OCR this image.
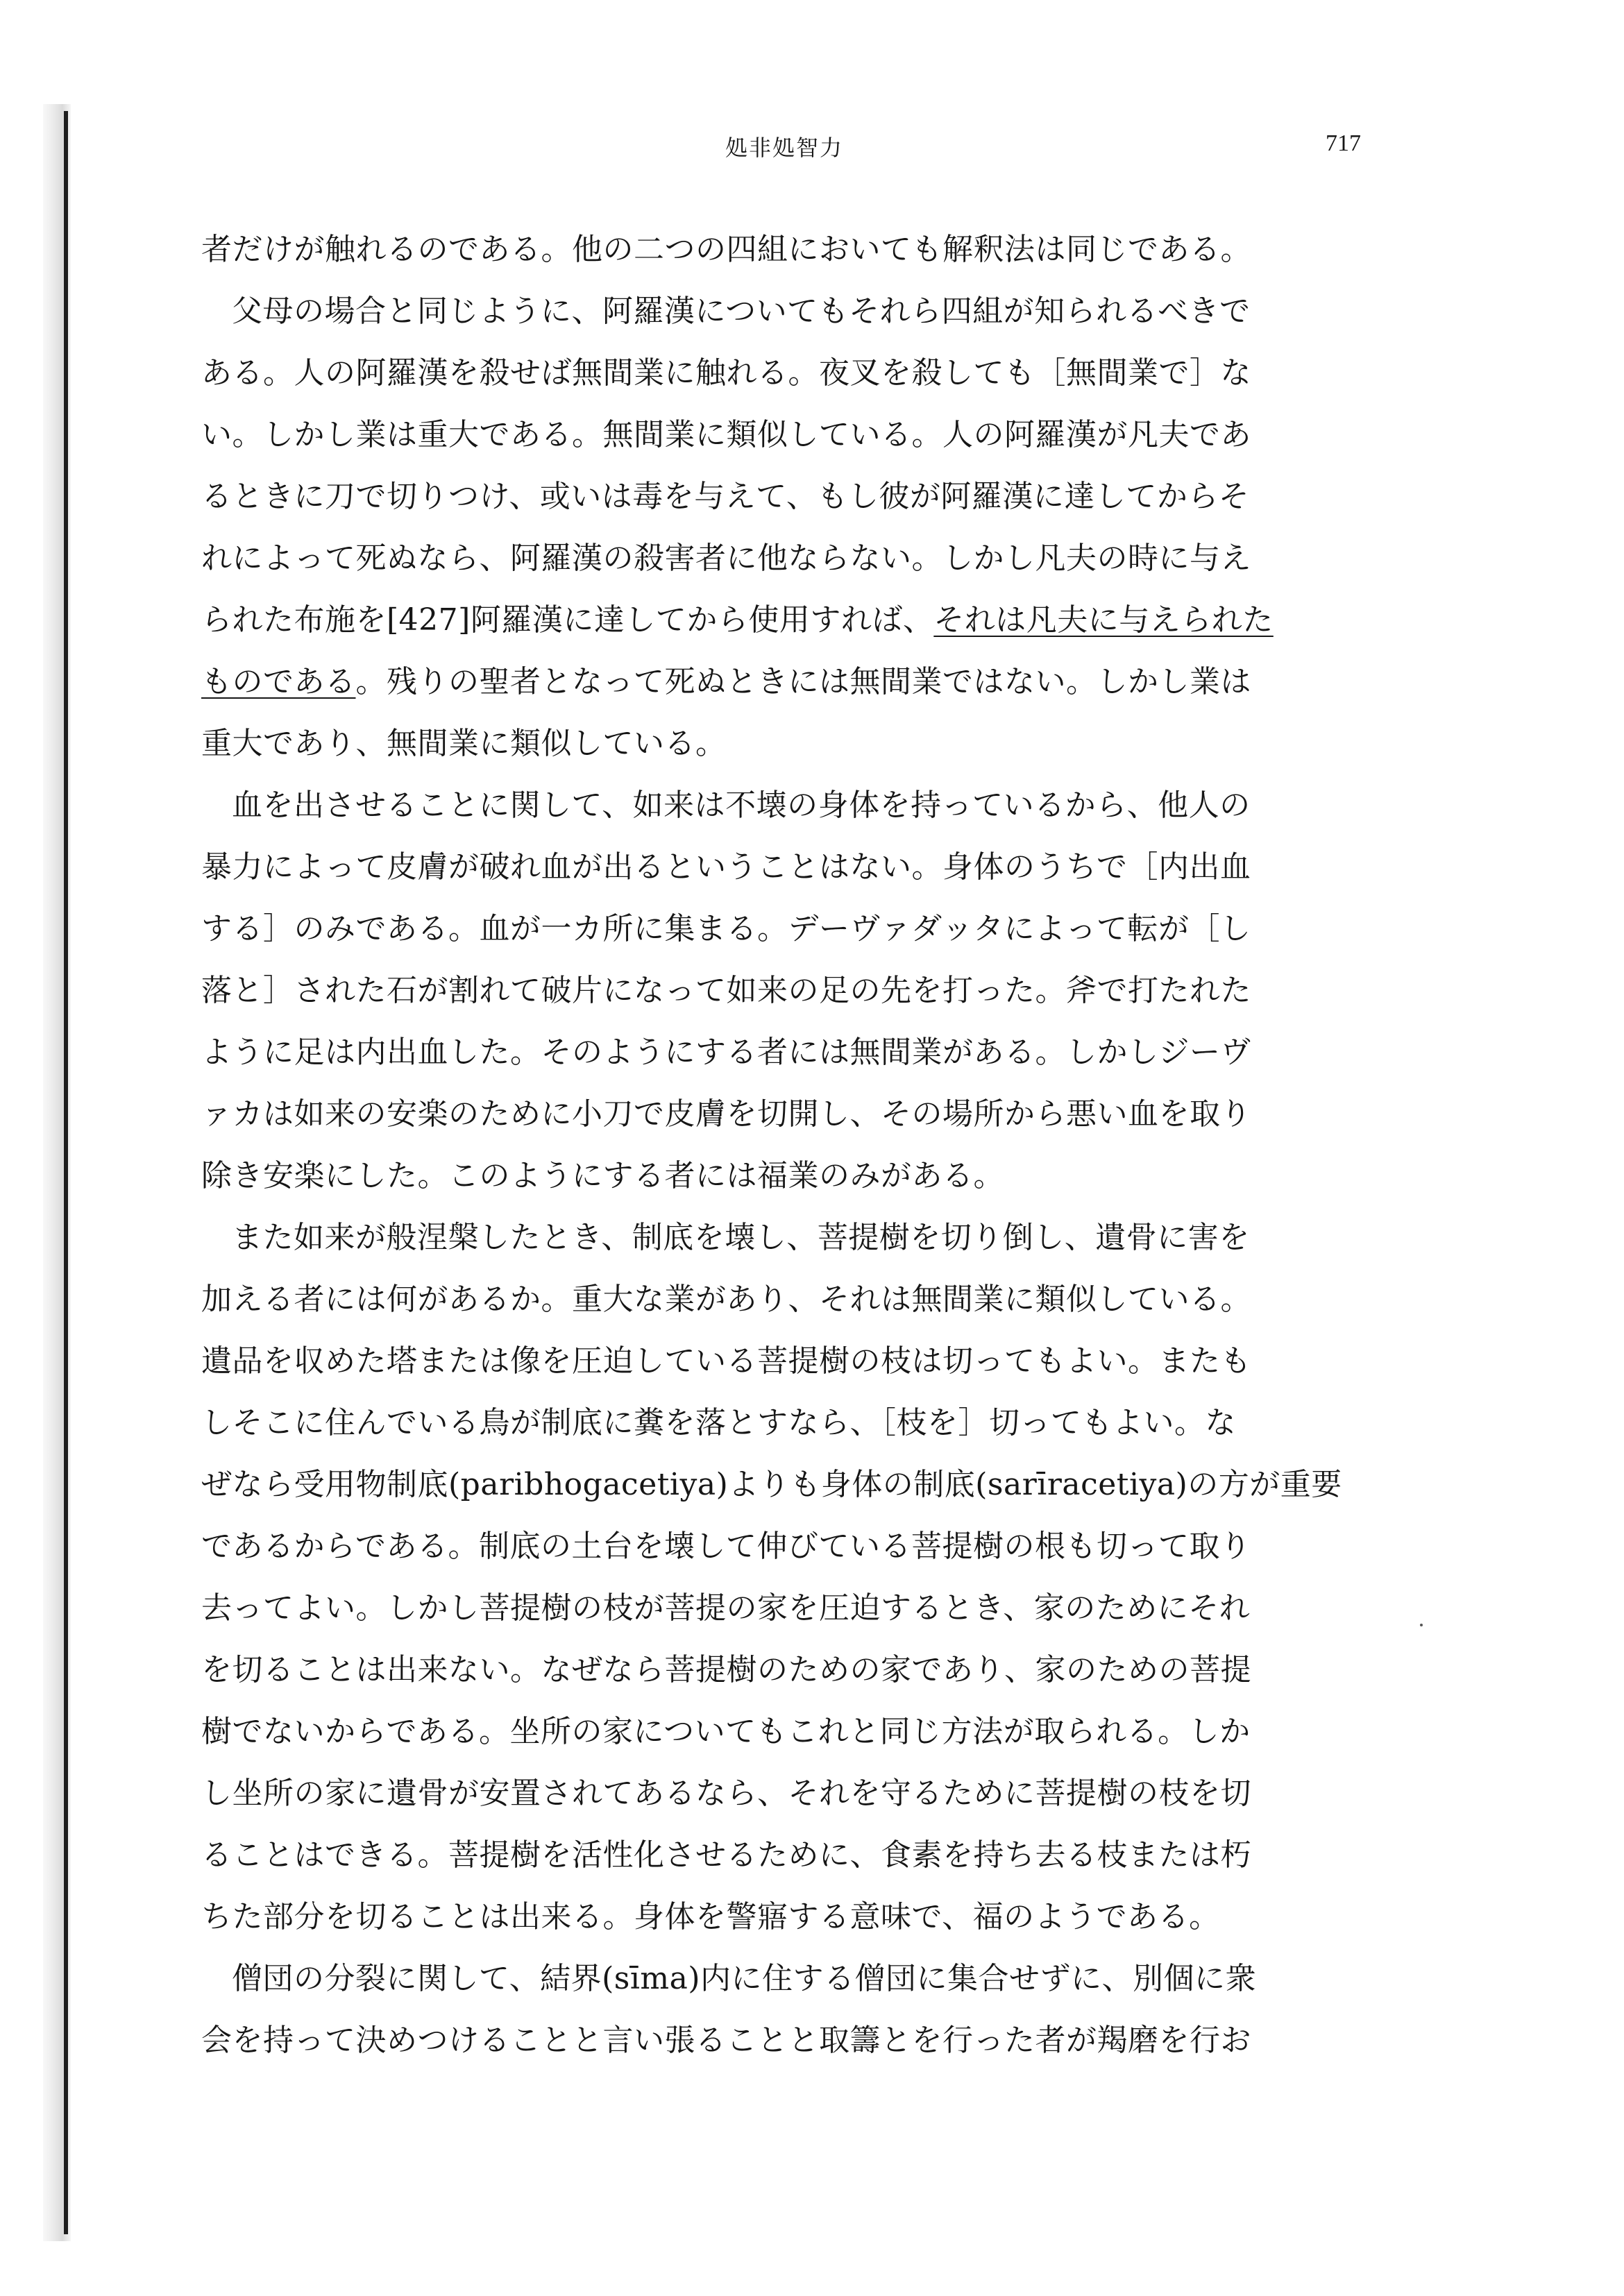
処非処智力	717
者だけが触れるのである。他の二つの四組においても解釈法は同じである。
父母の場合と同じように、阿羅漢についてもそれら四組が知られるべきで
ある。人の阿羅漢を殺せば無間業に触れる。夜叉を殺しても［無間業で］な
い。しかし業は重大である。無間業に類似している。人の阿羅漢が凡夫であ
るときに刀で切りつけ、或いは毒を与えて、もし彼が阿羅漢に達してからそ
れによって死ぬなら、阿羅漢の殺害者に他ならない。しかし凡夫の時に与え
られた布施を[427]阿羅漢に達してから使用すれば、それは凡夫に与えられた
ものである。残りの聖者となって死ぬときには無間業ではない。しかし業は
重大であり、無間業に類似している。
血を出させることに関して、如来は不壊の身体を持っているから、他人の
暴力によって皮膚が破れ血が出るということはない。身体のうちで［内出血
する］のみである。血が一カ所に集まる。デーヴァダッタによって転が［し
落と］された石が割れて破片になって如来の足の先を打った。斧で打たれた
ように足は内出血した。そのようにする者には無間業がある。しかしジーヴ
ァカは如来の安楽のために小刀で皮膚を切開し、その場所から悪い血を取り
除き安楽にした。このようにする者には福業のみがある。
また如来が般涅槃したとき、制底を壊し、菩提樹を切り倒し、遺骨に害を
加える者には何があるか。重大な業があり、それは無間業に類似している。
遺品を収めた塔または像を圧迫している菩提樹の枝は切ってもよい。またも
しそこに住んでいる鳥が制底に糞を落とすなら、［枝を］切ってもよい。な
ぜなら受用物制底(paribhogacetiya)よりも身体の制底(sarīracetiya)の方が重要
であるからである。制底の土台を壊して伸びている菩提樹の根も切って取り
去ってよい。しかし菩提樹の枝が菩提の家を圧迫するとき、家のためにそれ
を切ることは出来ない。なぜなら菩提樹のための家であり、家のための菩提
樹でないからである。坐所の家についてもこれと同じ方法が取られる。しか
し坐所の家に遺骨が安置されてあるなら、それを守るために菩提樹の枝を切
ることはできる。菩提樹を活性化させるために、食素を持ち去る枝または朽
ちた部分を切ることは出来る。身体を警寤する意味で、福のようである。
僧団の分裂に関して、結界(sīma)内に住する僧団に集合せずに、別個に衆
会を持って決めつけることと言い張ることと取籌とを行った者が羯磨を行お
